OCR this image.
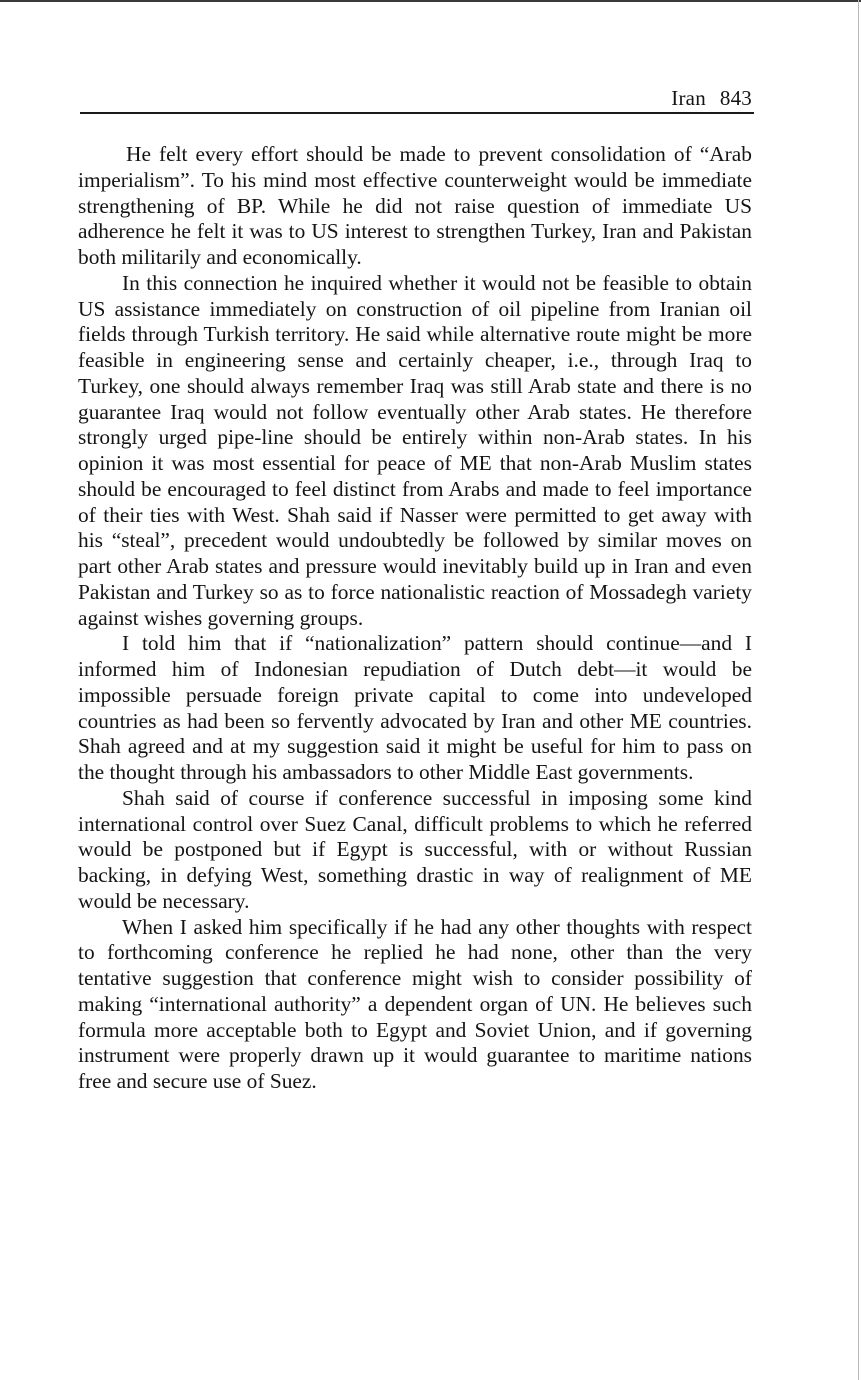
Iran 843

He felt every effort should be made to prevent consolidation of “Arab imperialism”. To his mind most effective counterweight would be immediate strengthening of BP. While he did not raise question of immediate US adherence he felt it was to US interest to strengthen Turkey, Iran and Pakistan both militarily and economically.

In this connection he inquired whether it would not be feasible to obtain US assistance immediately on construction of oil pipeline from Iranian oil fields through Turkish territory. He said while alternative route might be more feasible in engineering sense and certainly cheaper, i.e., through Iraq to Turkey, one should always remember Iraq was still Arab state and there is no guarantee Iraq would not follow eventually other Arab states. He therefore strongly urged pipe-line should be entirely within non-Arab states. In his opinion it was most essential for peace of ME that non-Arab Muslim states should be encouraged to feel distinct from Arabs and made to feel importance of their ties with West. Shah said if Nasser were permitted to get away with his “steal”, precedent would undoubtedly be followed by similar moves on part other Arab states and pressure would inevitably build up in Iran and even Pakistan and Turkey so as to force nationalistic reaction of Mossadegh variety against wishes governing groups.

I told him that if “nationalization” pattern should continue—and I informed him of Indonesian repudiation of Dutch debt—it would be impossible persuade foreign private capital to come into undeveloped countries as had been so fervently advocated by Iran and other ME countries. Shah agreed and at my suggestion said it might be useful for him to pass on the thought through his ambassadors to other Middle East governments.

Shah said of course if conference successful in imposing some kind international control over Suez Canal, difficult problems to which he referred would be postponed but if Egypt is successful, with or without Russian backing, in defying West, something drastic in way of realignment of ME would be necessary.

When I asked him specifically if he had any other thoughts with respect to forthcoming conference he replied he had none, other than the very tentative suggestion that conference might wish to consider possibility of making “international authority” a dependent organ of UN. He believes such formula more acceptable both to Egypt and Soviet Union, and if governing instrument were properly drawn up it would guarantee to maritime nations free and secure use of Suez.
